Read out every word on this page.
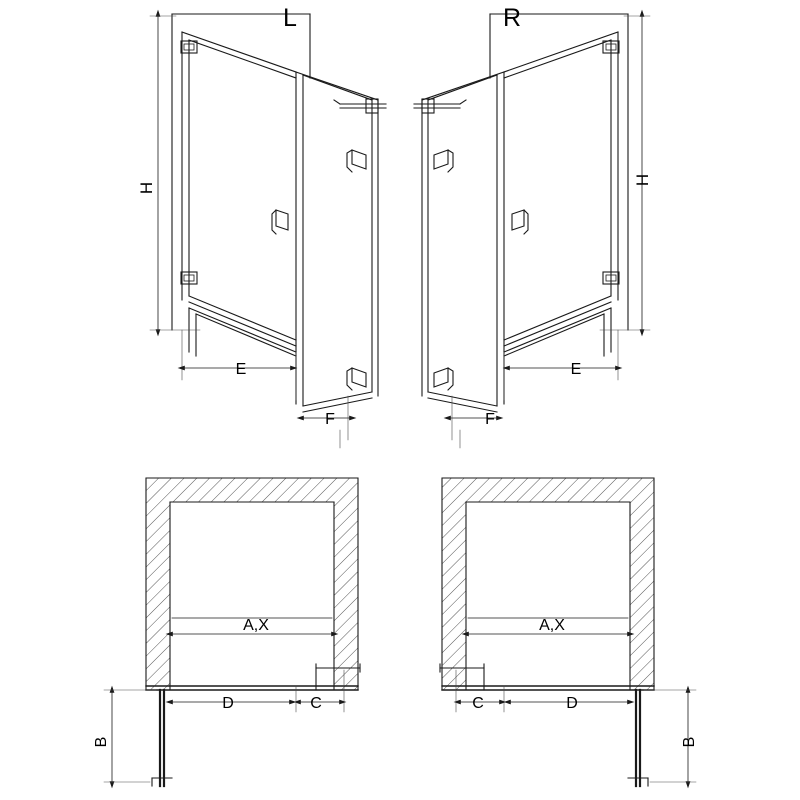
L	R
H
H
E
F
E
F
A,X	A,X
D	C	D
C
B	B
